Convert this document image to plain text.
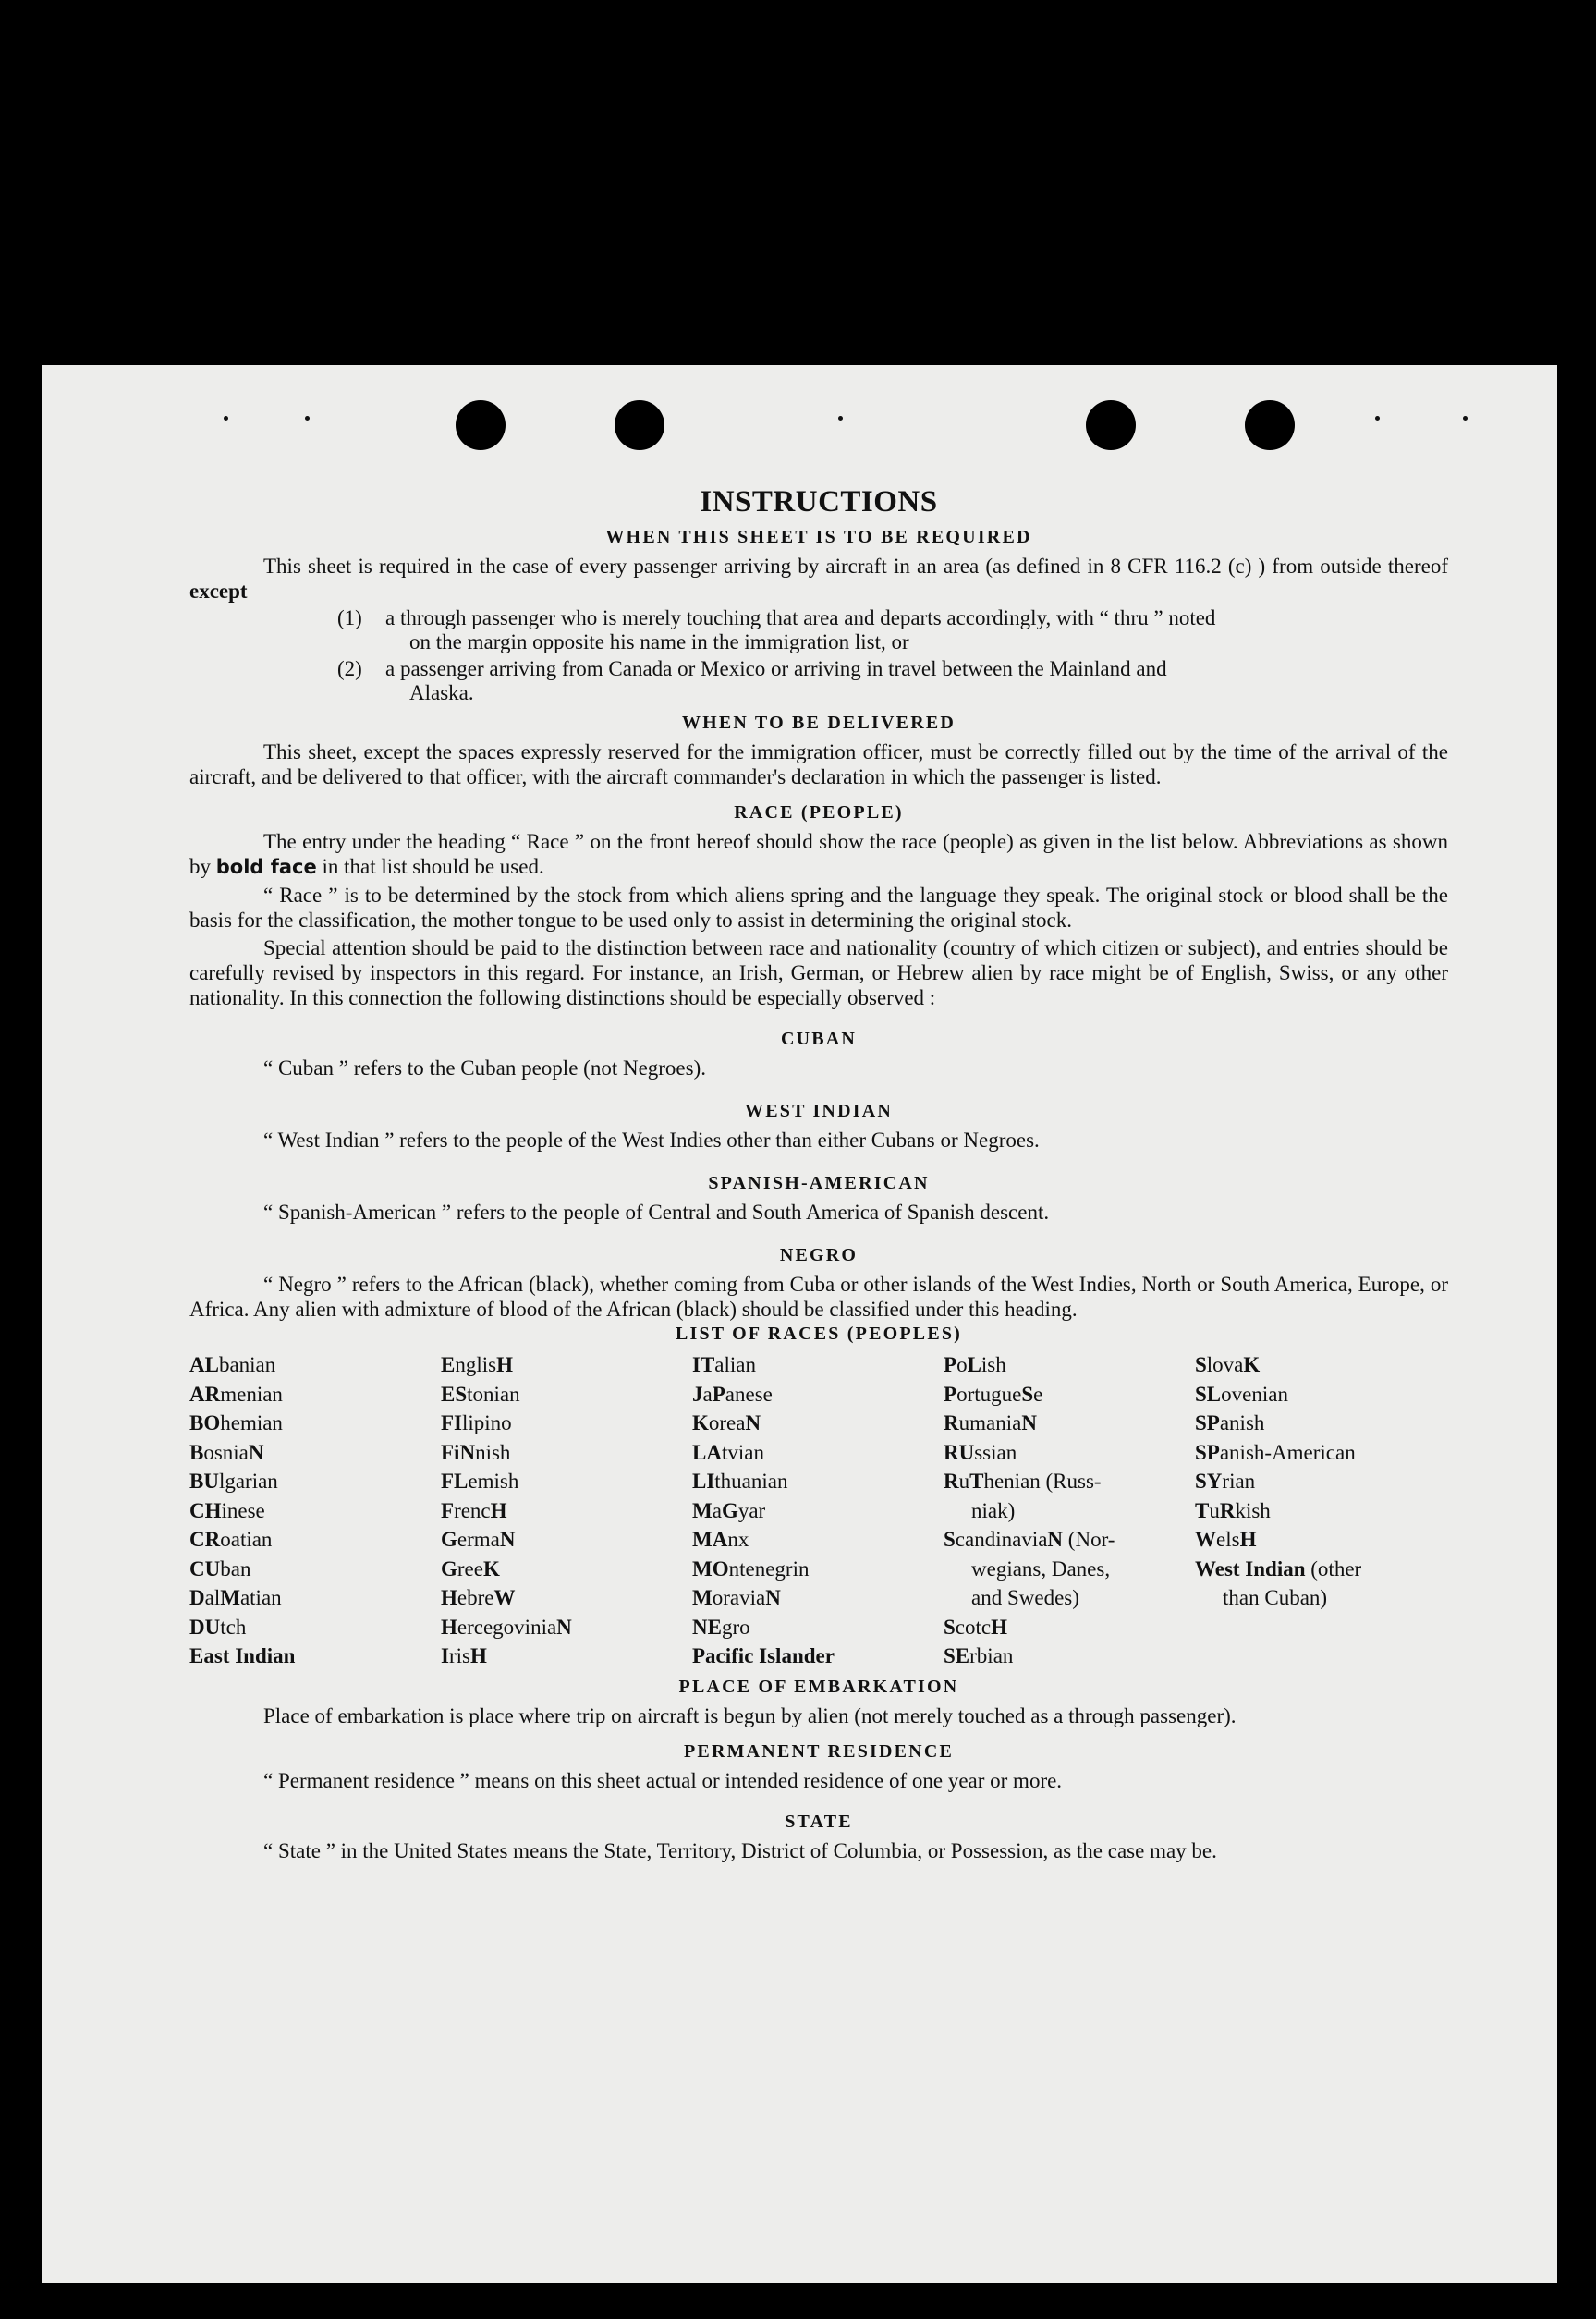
INSTRUCTIONS
WHEN THIS SHEET IS TO BE REQUIRED

This sheet is required in the case of every passenger arriving by aircraft in an area (as defined in 8 CFR 116.2 (c) ) from outside thereof except

(1)	a through passenger who is merely touching that area and departs accordingly, with “ thru ” noted
on the margin opposite his name in the immigration list, or
(2)	a passenger arriving from Canada or Mexico or arriving in travel between the Mainland and
Alaska.
WHEN TO BE DELIVERED

This sheet, except the spaces expressly reserved for the immigration officer, must be correctly filled out by the time of the arrival of the aircraft, and be delivered to that officer, with the aircraft commander's declaration in which the passenger is listed.

RACE (PEOPLE)

The entry under the heading “ Race ” on the front hereof should show the race (people) as given in the list below. Abbreviations as shown by bold face in that list should be used.

“ Race ” is to be determined by the stock from which aliens spring and the language they speak. The original stock or blood shall be the basis for the classification, the mother tongue to be used only to assist in determining the original stock.

Special attention should be paid to the distinction between race and nationality (country of which citizen or subject), and entries should be carefully revised by inspectors in this regard. For instance, an Irish, German, or Hebrew alien by race might be of English, Swiss, or any other nationality. In this connection the following distinctions should be especially observed :

CUBAN
“ Cuban ” refers to the Cuban people (not Negroes).
WEST INDIAN
“ West Indian ” refers to the people of the West Indies other than either Cubans or Negroes.
SPANISH-AMERICAN
“ Spanish-American ” refers to the people of Central and South America of Spanish descent.
NEGRO

“ Negro ” refers to the African (black), whether coming from Cuba or other islands of the West Indies, North or South America, Europe, or Africa. Any alien with admixture of blood of the African (black) should be classified under this heading.

LIST OF RACES (PEOPLES)
ALbanian
ARmenian
BOhemian
BosniaN
BUlgarian
CHinese
CRoatian
CUban
DalMatian
DUtch
East Indian
EnglisH
EStonian
FIlipino
FiNnish
FLemish
FrencH
GermaN
GreeK
HebreW
HercegoviniaN
IrisH
ITalian
JaPanese
KoreaN
LAtvian
LIthuanian
MaGyar
MAnx
MOntenegrin
MoraviaN
NEgro
Pacific Islander
PoLish
PortugueSe
RumaniaN
RUssian
RuThenian (Russ-
niak)
ScandinaviaN (Nor-
wegians, Danes,
and Swedes)
ScotcH
SErbian
SlovaK
SLovenian
SPanish
SPanish-American
SYrian
TuRkish
WelsH
West Indian (other
than Cuban)
PLACE OF EMBARKATION

Place of embarkation is place where trip on aircraft is begun by alien (not merely touched as a through passenger).

PERMANENT RESIDENCE
“ Permanent residence ” means on this sheet actual or intended residence of one year or more.
STATE

“ State ” in the United States means the State, Territory, District of Columbia, or Possession, as the case may be.
